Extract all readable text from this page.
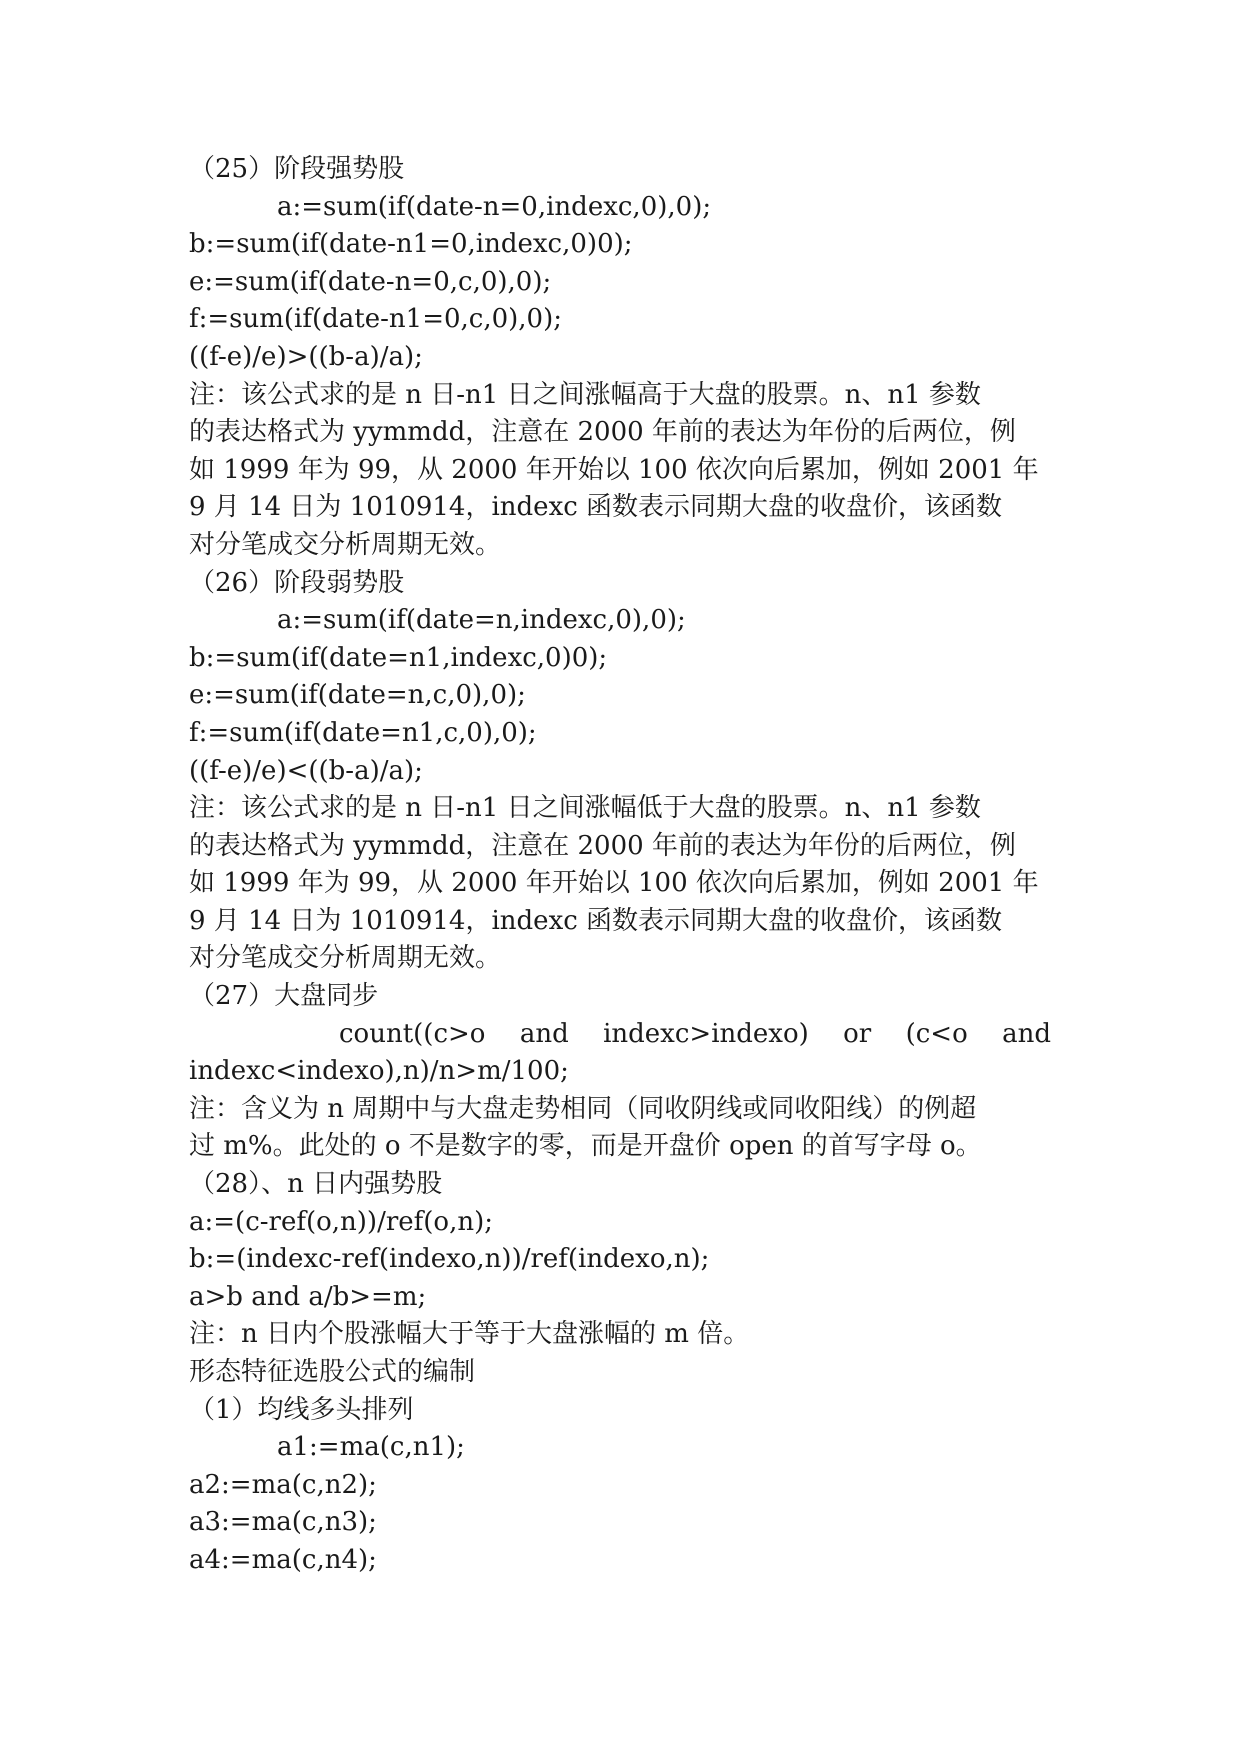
（25）阶段强势股
a:=sum(if(date-n=0,indexc,0),0);
b:=sum(if(date-n1=0,indexc,0)0);
e:=sum(if(date-n=0,c,0),0);
f:=sum(if(date-n1=0,c,0),0);
((f-e)/e)>((b-a)/a);
注：该公式求的是 n 日-n1 日之间涨幅高于大盘的股票。n、n1 参数
的表达格式为 yymmdd，注意在 2000 年前的表达为年份的后两位，例
如 1999 年为 99，从 2000 年开始以 100 依次向后累加，例如 2001 年
9 月 14 日为 1010914，indexc 函数表示同期大盘的收盘价，该函数
对分笔成交分析周期无效。
（26）阶段弱势股
a:=sum(if(date=n,indexc,0),0);
b:=sum(if(date=n1,indexc,0)0);
e:=sum(if(date=n,c,0),0);
f:=sum(if(date=n1,c,0),0);
((f-e)/e)<((b-a)/a);
注：该公式求的是 n 日-n1 日之间涨幅低于大盘的股票。n、n1 参数
的表达格式为 yymmdd，注意在 2000 年前的表达为年份的后两位，例
如 1999 年为 99，从 2000 年开始以 100 依次向后累加，例如 2001 年
9 月 14 日为 1010914，indexc 函数表示同期大盘的收盘价，该函数
对分笔成交分析周期无效。
（27）大盘同步
count((c>o and indexc>indexo) or (c<o and
indexc<indexo),n)/n>m/100;
注：含义为 n 周期中与大盘走势相同（同收阴线或同收阳线）的例超
过 m%。此处的 o 不是数字的零，而是开盘价 open 的首写字母 o。
（28）、n 日内强势股
a:=(c-ref(o,n))/ref(o,n);
b:=(indexc-ref(indexo,n))/ref(indexo,n);
a>b and a/b>=m;
注：n 日内个股涨幅大于等于大盘涨幅的 m 倍。
形态特征选股公式的编制
（1）均线多头排列
a1:=ma(c,n1);
a2:=ma(c,n2);
a3:=ma(c,n3);
a4:=ma(c,n4);
